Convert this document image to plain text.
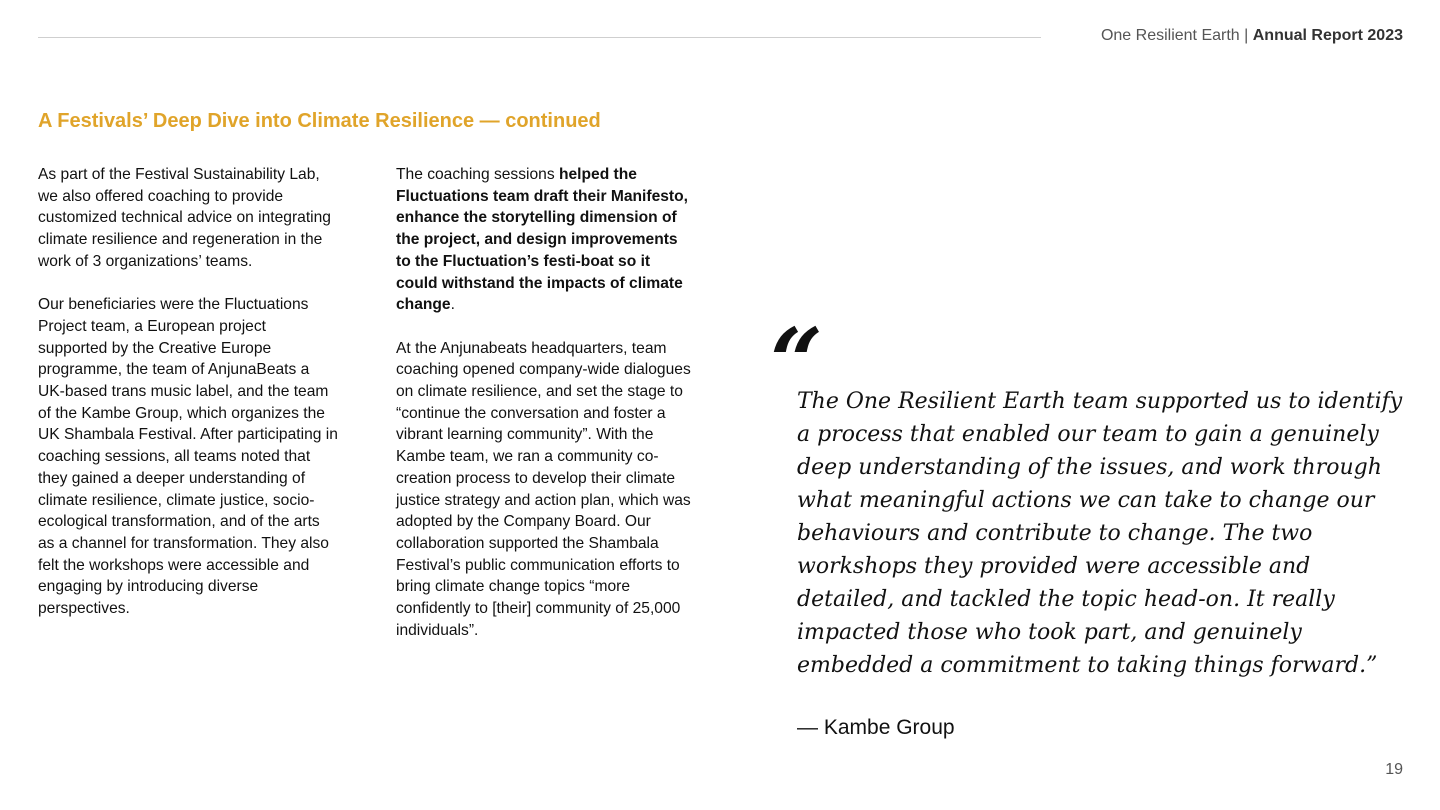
One Resilient Earth | Annual Report 2023
A Festivals’ Deep Dive into Climate Resilience — continued

As part of the Festival Sustainability Lab, we also offered coaching to provide customized technical advice on integrating climate resilience and regeneration in the work of 3 organizations’ teams.

Our beneficiaries were the Fluctuations Project team, a European project supported by the Creative Europe programme, the team of AnjunaBeats a UK-based trans music label, and the team of the Kambe Group, which organizes the UK Shambala Festival. After participating in coaching sessions, all teams noted that they gained a deeper understanding of climate resilience, climate justice, socio-ecological transformation, and of the arts as a channel for transformation. They also felt the workshops were accessible and engaging by introducing diverse perspectives.

The coaching sessions helped the Fluctuations team draft their Manifesto, enhance the storytelling dimension of the project, and design improvements to the Fluctuation’s festi-boat so it could withstand the impacts of climate change.

At the Anjunabeats headquarters, team coaching opened company-wide dialogues on climate resilience, and set the stage to “continue the conversation and foster a vibrant learning community”. With the Kambe team, we ran a community co-creation process to develop their climate justice strategy and action plan, which was adopted by the Company Board. Our collaboration supported the Shambala Festival’s public communication efforts to bring climate change topics “more confidently to [their] community of 25,000 individuals”.

“
The One Resilient Earth team supported us to identify a process that enabled our team to gain a genuinely deep understanding of the issues, and work through what meaningful actions we can take to change our behaviours and contribute to change. The two workshops they provided were accessible and detailed, and tackled the topic head-on. It really impacted those who took part, and genuinely embedded a commitment to taking things forward.”
— Kambe Group
19
